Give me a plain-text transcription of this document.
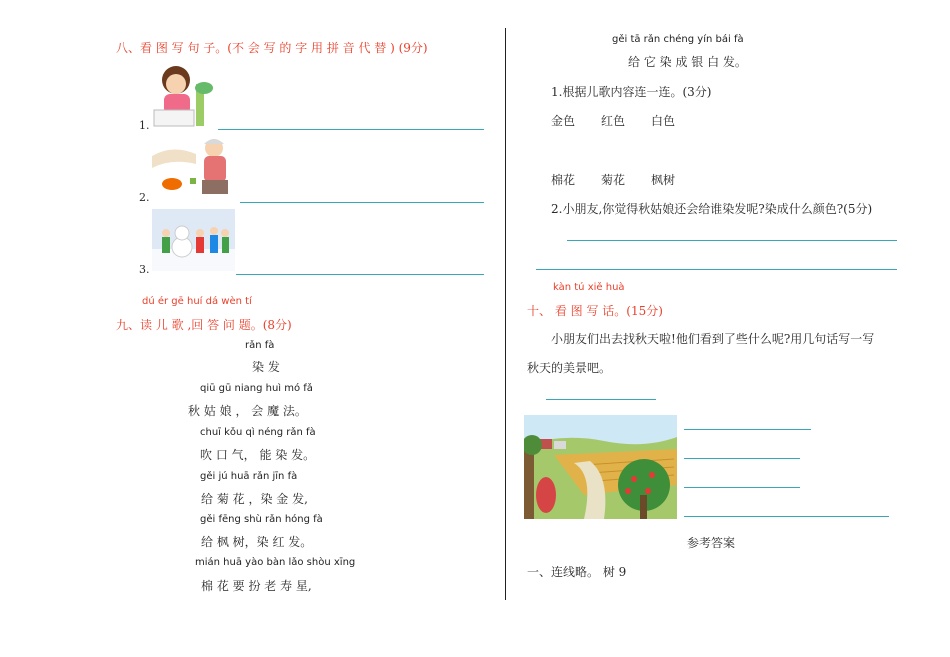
八、看 图 写 句 子。(不 会 写 的 字 用 拼 音 代 替 ) (9分)
1.
2.
3.
dú ér gē huí dá wèn tí
九、读 儿 歌 ,回 答 问 题。(8分)
rǎn fà
染 发
qiū gū niang huì mó fǎ
秋 姑 娘 ， 会 魔 法。
chuī kǒu qì néng rǎn fà
吹 口 气， 能 染 发。
gěi jú huā rǎn jīn fà
给 菊 花 ，染 金 发,
gěi fēng shù rǎn hóng fà
给 枫 树，染 红 发。
mián huā yào bàn lǎo shòu xīng
棉 花 要 扮 老 寿 星,
gěi tā rǎn chéng yín bái fà
给 它 染 成 银 白 发。
1.根据儿歌内容连一连。(3分)
金色 红色 白色
棉花 菊花 枫树
2.小朋友,你觉得秋姑娘还会给谁染发呢?染成什么颜色?(5分)
kàn tú xiě huà
十、 看 图 写 话。(15分)
小朋友们出去找秋天啦!他们看到了些什么呢?用几句话写一写
秋天的美景吧。
参考答案
一、连线略。 树 9
